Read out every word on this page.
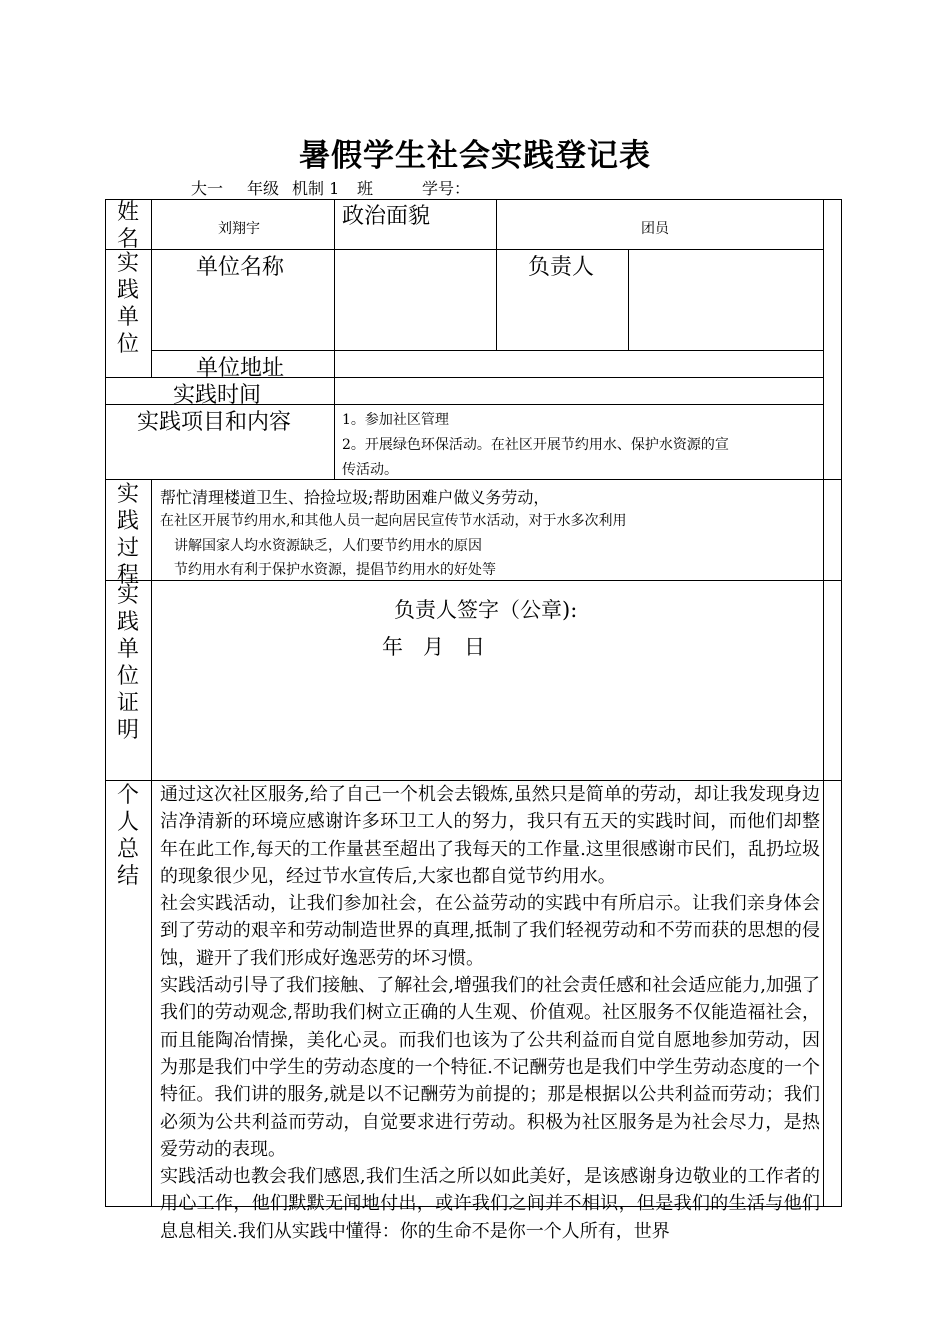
暑假学生社会实践登记表
大一 年级 机制 1 班	学号：
姓名	刘翔宇	政治面貌	团员
实践单位
单位名称	负责人
单位地址
实践时间
实践项目和内容	1。参加社区管理
2。开展绿色环保活动。在社区开展节约用水、保护水资源的宣
传活动。
实践过程
帮忙清理楼道卫生、拾捡垃圾;帮助困难户做义务劳动，
在社区开展节约用水,和其他人员一起向居民宣传节水活动，对于水多次利用
讲解国家人均水资源缺乏，人们要节约用水的原因
节约用水有利于保护水资源，提倡节约用水的好处等
实践单位证明
负责人签字（公章):
年   月   日
个人总结

通过这次社区服务,给了自己一个机会去锻炼,虽然只是简单的劳动，却让我发现身边洁净清新的环境应感谢许多环卫工人的努力，我只有五天的实践时间，而他们却整年在此工作,每天的工作量甚至超出了我每天的工作量.这里很感谢市民们，乱扔垃圾的现象很少见，经过节水宣传后,大家也都自觉节约用水。

社会实践活动，让我们参加社会，在公益劳动的实践中有所启示。让我们亲身体会到了劳动的艰辛和劳动制造世界的真理,抵制了我们轻视劳动和不劳而获的思想的侵蚀，避开了我们形成好逸恶劳的坏习惯。

实践活动引导了我们接触、了解社会,增强我们的社会责任感和社会适应能力,加强了我们的劳动观念,帮助我们树立正确的人生观、价值观。社区服务不仅能造福社会，而且能陶冶情操，美化心灵。而我们也该为了公共利益而自觉自愿地参加劳动，因为那是我们中学生的劳动态度的一个特征.不记酬劳也是我们中学生劳动态度的一个特征。我们讲的服务,就是以不记酬劳为前提的；那是根据以公共利益而劳动；我们必须为公共利益而劳动，自觉要求进行劳动。积极为社区服务是为社会尽力，是热爱劳动的表现。

实践活动也教会我们感恩,我们生活之所以如此美好，是该感谢身边敬业的工作者的用心工作，他们默默无闻地付出，或许我们之间并不相识，但是我们的生活与他们息息相关.我们从实践中懂得：你的生命不是你一个人所有，世界
